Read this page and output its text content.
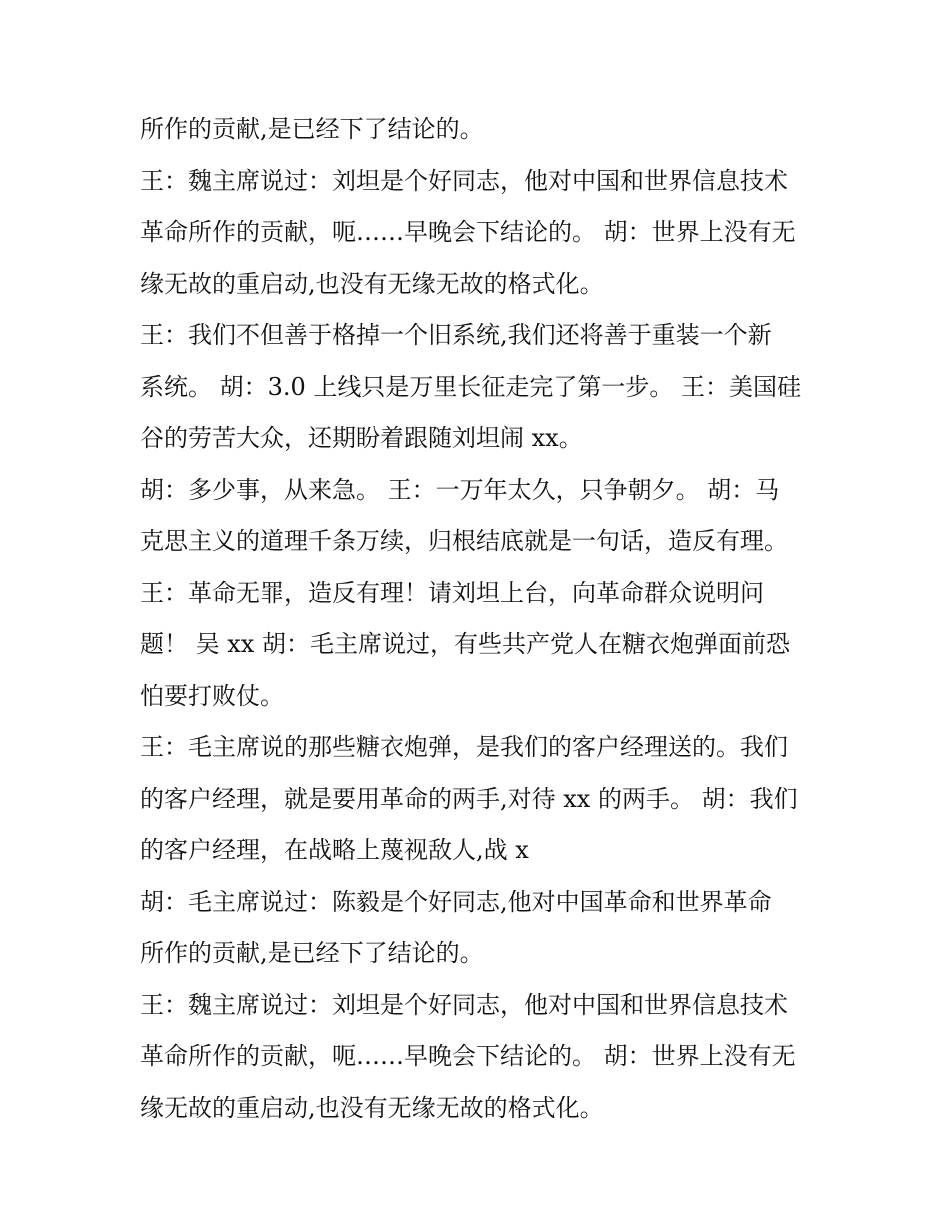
所作的贡献,是已经下了结论的。
王：魏主席说过：刘坦是个好同志，他对中国和世界信息技术
革命所作的贡献，呃……早晚会下结论的。 胡：世界上没有无
缘无故的重启动,也没有无缘无故的格式化。
王：我们不但善于格掉一个旧系统,我们还将善于重装一个新
系统。 胡：3.0 上线只是万里长征走完了第一步。 王：美国硅
谷的劳苦大众，还期盼着跟随刘坦闹 xx。
胡：多少事，从来急。 王：一万年太久，只争朝夕。 胡：马
克思主义的道理千条万续，归根结底就是一句话，造反有理。
王：革命无罪，造反有理！请刘坦上台，向革命群众说明问
题！ 吴 xx 胡：毛主席说过，有些共产党人在糖衣炮弹面前恐
怕要打败仗。
王：毛主席说的那些糖衣炮弹，是我们的客户经理送的。我们
的客户经理，就是要用革命的两手,对待 xx 的两手。 胡：我们
的客户经理，在战略上蔑视敌人,战 x
胡：毛主席说过：陈毅是个好同志,他对中国革命和世界革命
所作的贡献,是已经下了结论的。
王：魏主席说过：刘坦是个好同志，他对中国和世界信息技术
革命所作的贡献，呃……早晚会下结论的。 胡：世界上没有无
缘无故的重启动,也没有无缘无故的格式化。
